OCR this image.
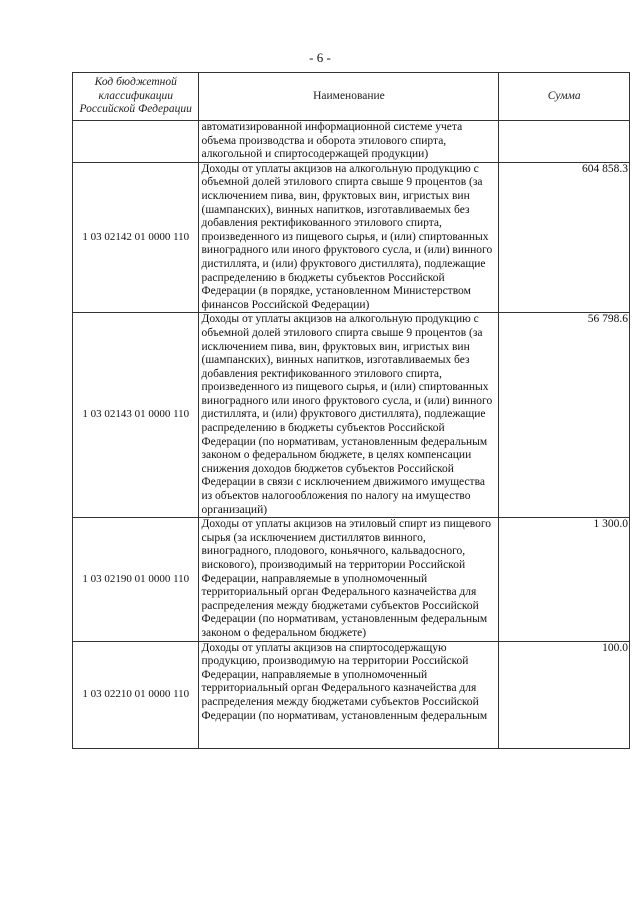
- 6 -
Код бюджетной классификации Российской Федерации	Наименование	Сумма
	автоматизированной информационной системе учета объема производства и оборота этилового спирта, алкогольной и спиртосодержащей продукции)	
1 03 02142 01 0000 110	Доходы от уплаты акцизов на алкогольную продукцию с объемной долей этилового спирта свыше 9 процентов (за исключением пива, вин, фруктовых вин, игристых вин (шампанских), винных напитков, изготавливаемых без добавления ректификованного этилового спирта, произведенного из пищевого сырья, и (или) спиртованных виноградного или иного фруктового сусла, и (или) винного дистиллята, и (или) фруктового дистиллята), подлежащие распределению в бюджеты субъектов Российской Федерации (в порядке, установленном Министерством финансов Российской Федерации)	604 858.3
1 03 02143 01 0000 110	Доходы от уплаты акцизов на алкогольную продукцию с объемной долей этилового спирта свыше 9 процентов (за исключением пива, вин, фруктовых вин, игристых вин (шампанских), винных напитков, изготавливаемых без добавления ректификованного этилового спирта, произведенного из пищевого сырья, и (или) спиртованных виноградного или иного фруктового сусла, и (или) винного дистиллята, и (или) фруктового дистиллята), подлежащие распределению в бюджеты субъектов Российской Федерации (по нормативам, установленным федеральным законом о федеральном бюджете, в целях компенсации снижения доходов бюджетов субъектов Российской Федерации в связи с исключением движимого имущества из объектов налогообложения по налогу на имущество организаций)	56 798.6
1 03 02190 01 0000 110	Доходы от уплаты акцизов на этиловый спирт из пищевого сырья (за исключением дистиллятов винного, виноградного, плодового, коньячного, кальвадосного, вискового), производимый на территории Российской Федерации, направляемые в уполномоченный территориальный орган Федерального казначейства для распределения между бюджетами субъектов Российской Федерации (по нормативам, установленным федеральным законом о федеральном бюджете)	1 300.0
1 03 02210 01 0000 110	Доходы от уплаты акцизов на спиртосодержащую продукцию, производимую на территории Российской Федерации, направляемые в уполномоченный территориальный орган Федерального казначейства для распределения между бюджетами субъектов Российской Федерации (по нормативам, установленным федеральным	100.0
